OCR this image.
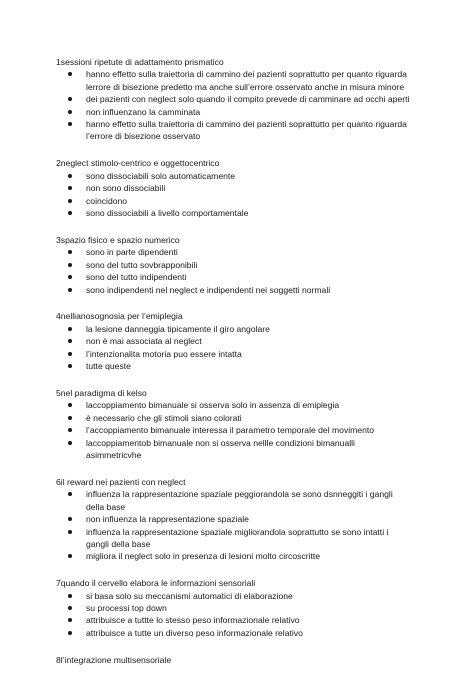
1sessioni ripetute di adattamento prismatico

hanno effetto sulla traiettoria di cammino dei pazienti soprattutto per quanto riguarda
lerrore di bisezione predetto ma anche sull’errore osservato anche in misura minore
dei pazienti con neglect solo quando il compito prevede di camminare ad occhi aperti
non influenzano la camminata
hanno effetto sulla traiettoria di cammino dei pazienti soprattutto per quanto riguarda
l’errore di bisezione osservato

2neglect stimolo-centrico e oggettocentrico

sono dissociabili solo automaticamente
non sono dissociabili
coincidono
sono dissociabili a livello comportamentale

3spazio fisico e spazio numerico

sono in parte dipendenti
sono del tutto sovbrapponibili
sono del tutto indipendenti
sono indipendenti nel neglect e indipendenti nei soggetti normali

4nellianosognosia per l’emiplegia

la lesione danneggia tipicamente il giro angolare
non è mai associata al neglect
l’intenzionalita motoria puo essere intatta
tutte queste

5nel paradigma di kelso

laccoppiamento bimanuale si osserva solo in assenza di emiplegia
è necessario che gli stimoli siano colorati
l’accoppiamento bimanuale interessa il parametro temporale del movimento
laccoppiamentob bimanuale non si osserva nellle condizioni bimanualli
asimmetricvhe

6il reward nei pazienti con neglect

influenza la rappresentazione spaziale peggiorandola se sono dsnneggiti i gangli
della base
non influenza la rappresentazione spaziale
influenza la rappresentazione spaziale migliorandola soprattutto se sono intatti i
gangli della base
migliora il neglect solo in presenza di lesioni molto circoscritte

7quando il cervello elabora le informazioni sensoriali

si basa solo su meccanismi automatici di elaborazione
su processi top down
attribuisce a tuttte lo stesso peso informazionale relativo
attribuisce a tutte un diverso peso informazionale relativo

8l’integrazione multisensoriale
